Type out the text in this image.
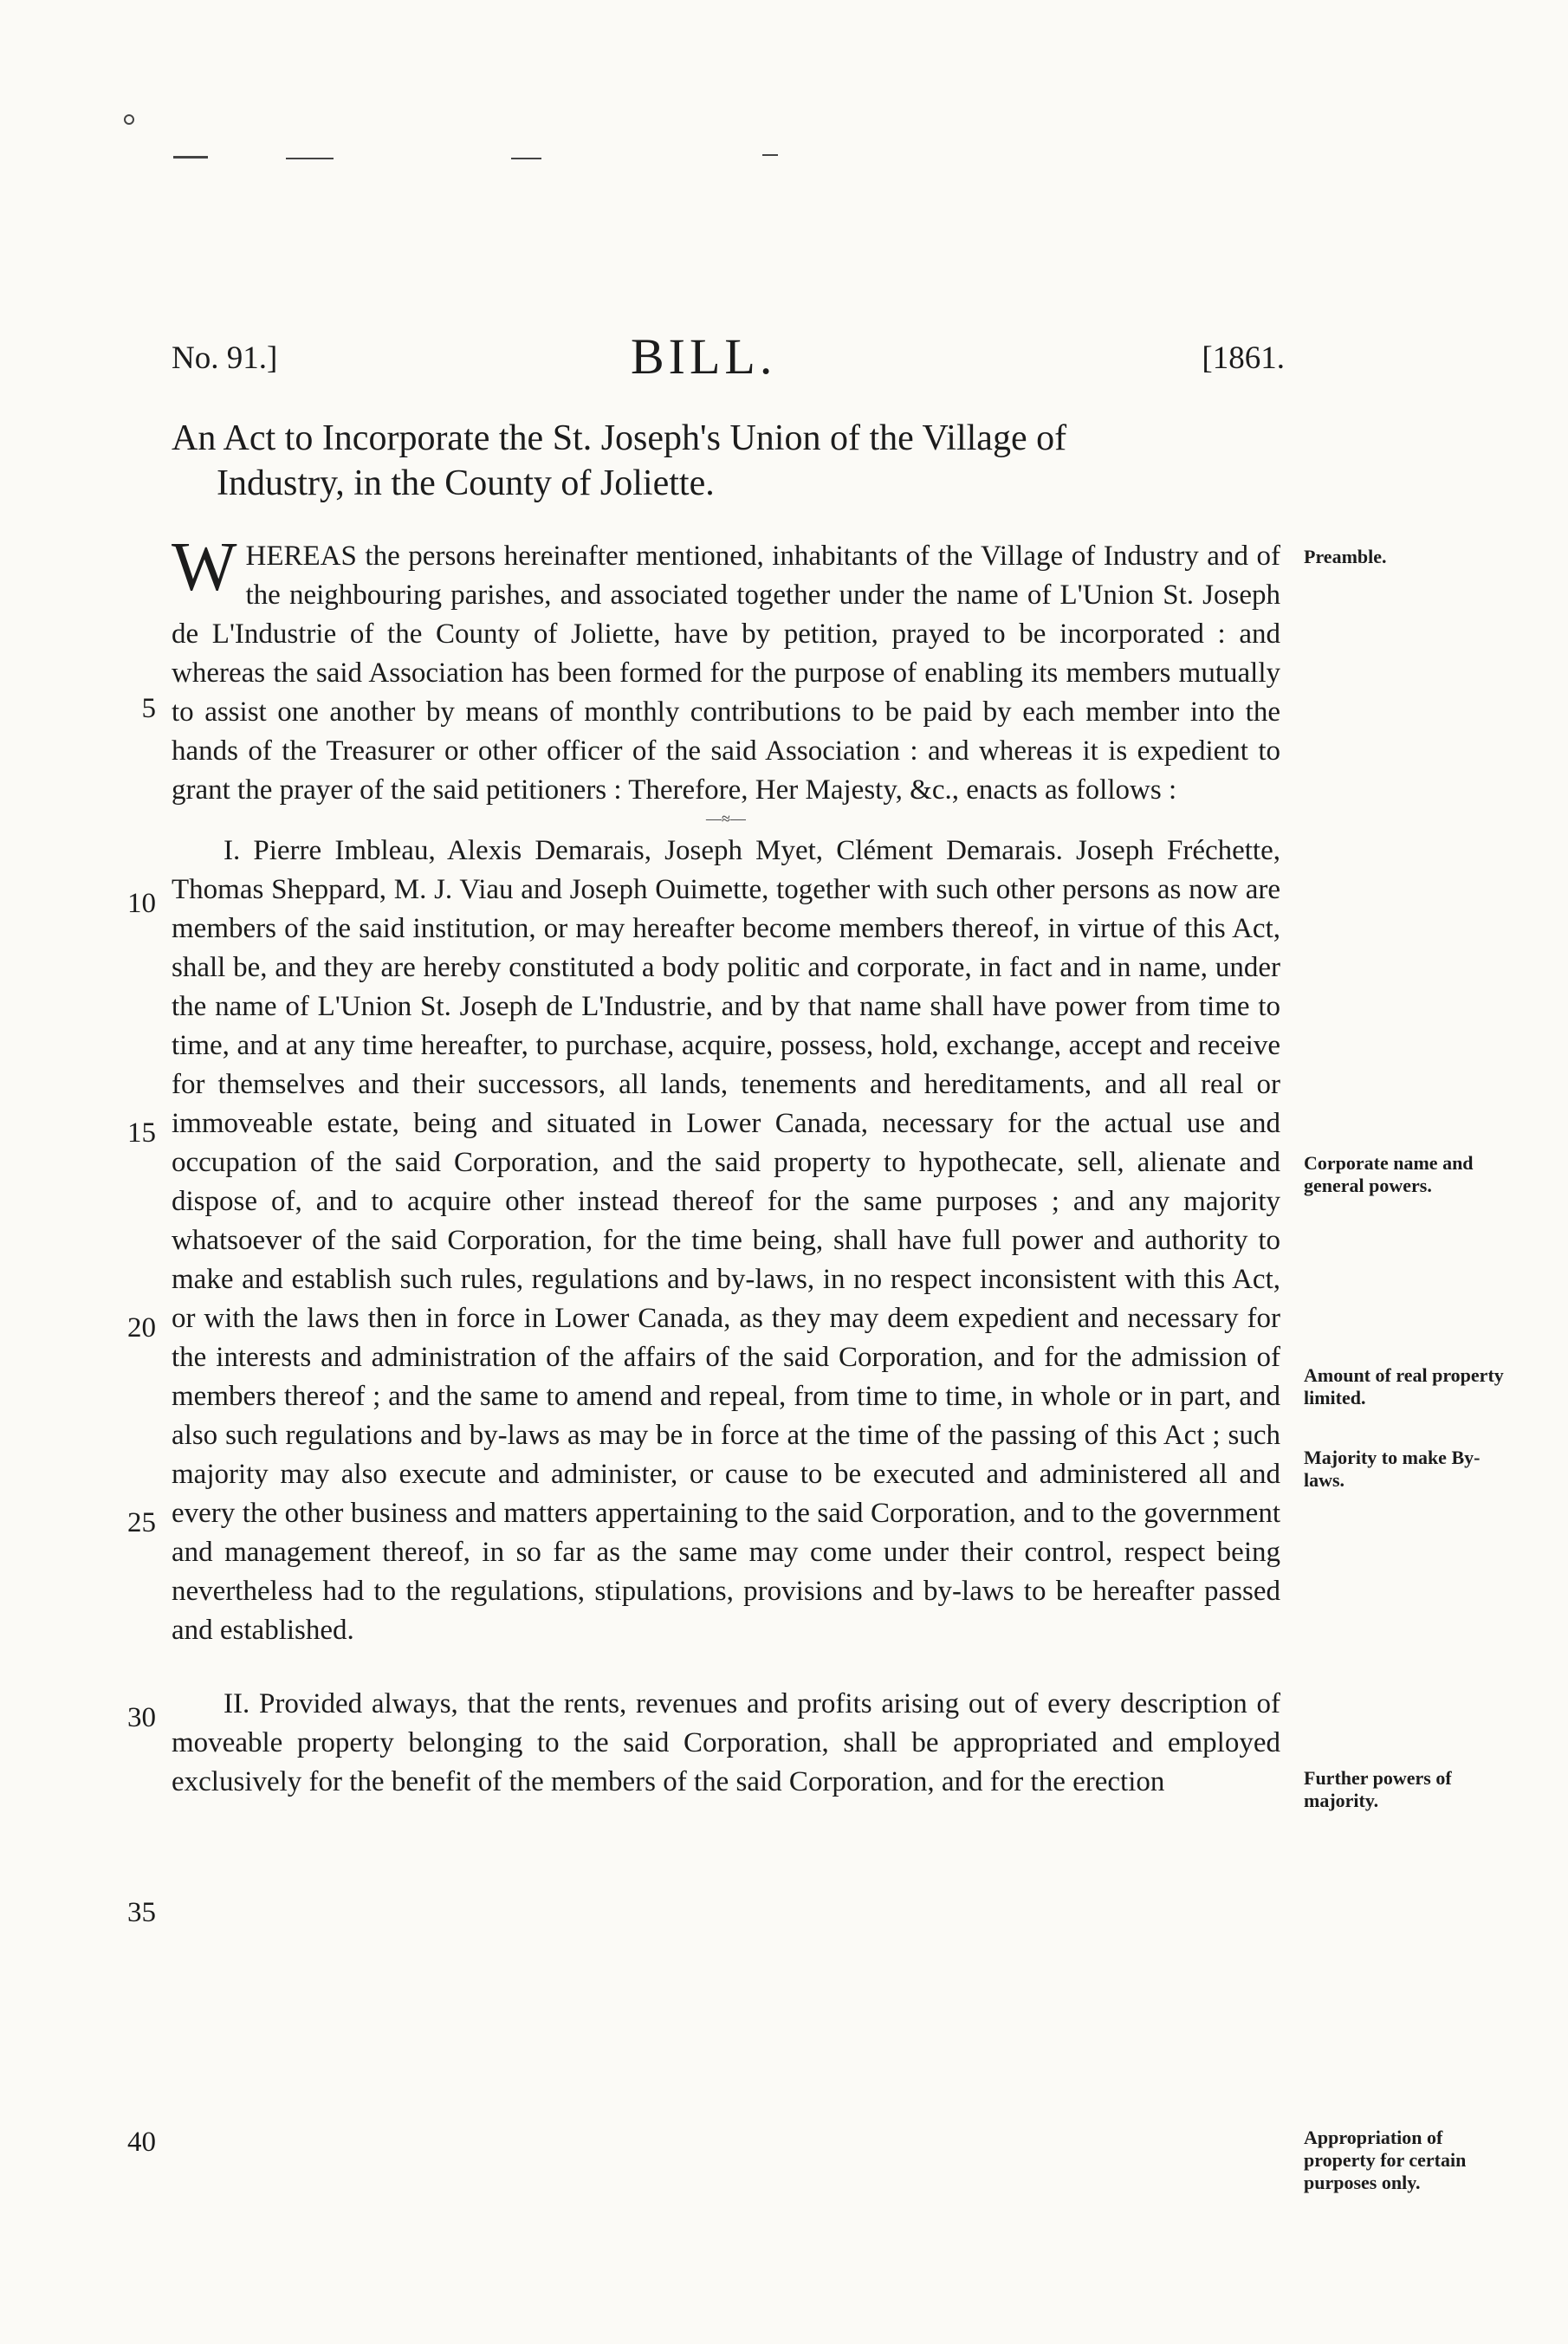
No. 91.]	BILL.	[1861.
An Act to Incorporate the St. Joseph's Union of the Village of
Industry, in the County of Joliette.
W HEREAS the persons hereinafter mentioned, inhabitants of the Village of Industry and of the neighbouring parishes, and associated together under the name of L'Union St. Joseph de L'Industrie of the County of Joliette, have by petition, prayed to be incorporated : and whereas the said Association has been formed for the purpose of enabling its members mutually to assist one another by means of monthly contributions to be paid by each member into the hands of the Treasurer or other officer of the said Association : and whereas it is expedient to grant the prayer of the said petitioners : Therefore, Her Majesty, &c., enacts as follows :
—≈—
I. Pierre Imbleau, Alexis Demarais, Joseph Myet, Clément Demarais. Joseph Fréchette, Thomas Sheppard, M. J. Viau and Joseph Ouimette, together with such other persons as now are members of the said institution, or may hereafter become members thereof, in virtue of this Act, shall be, and they are hereby constituted a body politic and corporate, in fact and in name, under the name of L'Union St. Joseph de L'Industrie, and by that name shall have power from time to time, and at any time hereafter, to purchase, acquire, possess, hold, exchange, accept and receive for themselves and their successors, all lands, tenements and hereditaments, and all real or immoveable estate, being and situated in Lower Canada, necessary for the actual use and occupation of the said Corporation, and the said property to hypothecate, sell, alienate and dispose of, and to acquire other instead thereof for the same purposes ; and any majority whatsoever of the said Corporation, for the time being, shall have full power and authority to make and establish such rules, regulations and by-laws, in no respect inconsistent with this Act, or with the laws then in force in Lower Canada, as they may deem expedient and necessary for the interests and administration of the affairs of the said Corporation, and for the admission of members thereof ; and the same to amend and repeal, from time to time, in whole or in part, and also such regulations and by-laws as may be in force at the time of the passing of this Act ; such majority may also execute and administer, or cause to be executed and administered all and every the other business and matters appertaining to the said Corporation, and to the government and management thereof, in so far as the same may come under their control, respect being nevertheless had to the regulations, stipulations, provisions and by-laws to be hereafter passed and established.
II. Provided always, that the rents, revenues and profits arising out of every description of moveable property belonging to the said Corporation, shall be appropriated and employed exclusively for the benefit of the members of the said Corporation, and for the erection
5
10
15
20
25
30
35
40
Preamble.
Corporate name and general powers.
Amount of real property limited.
Majority to make By-laws.
Further powers of majority.
Appropriation of property for certain purposes only.
